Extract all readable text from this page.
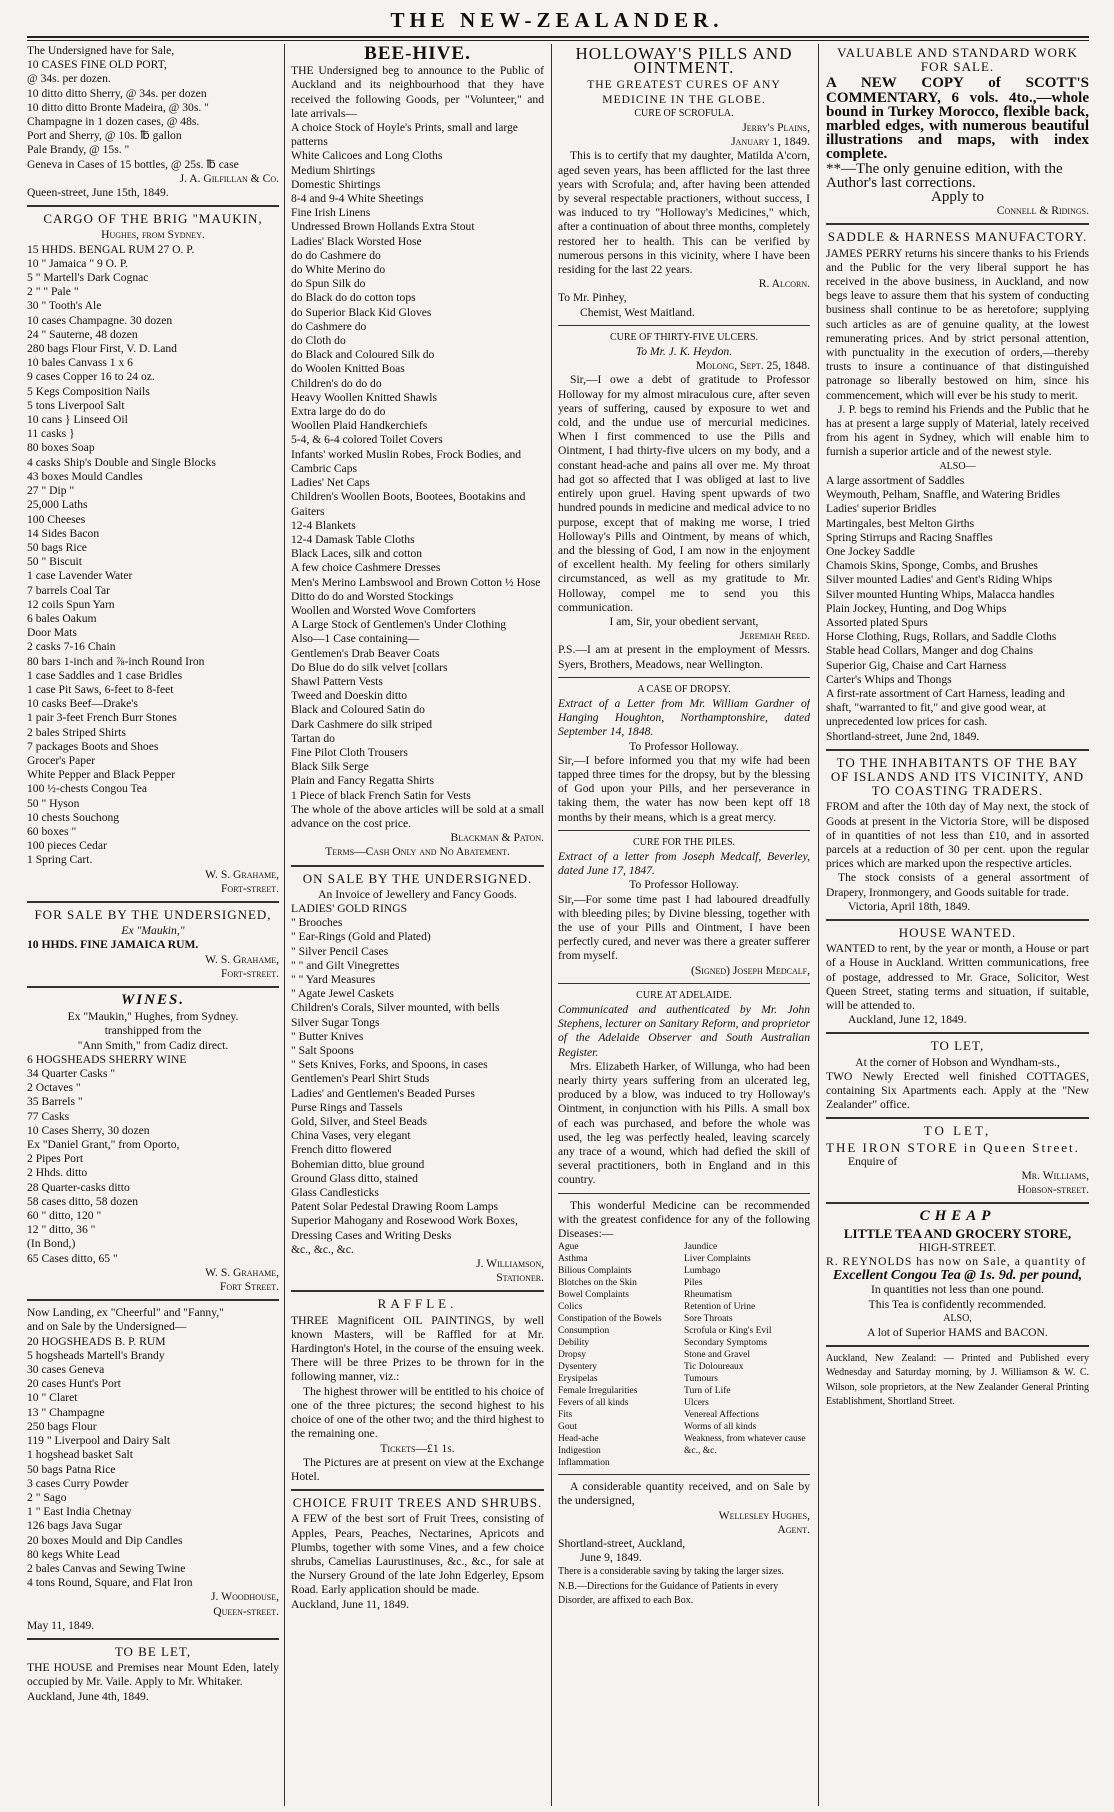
THE NEW-ZEALANDER.
The Undersigned have for Sale,
10 CASES FINE OLD PORT,
@ 34s. per dozen.
10 ditto ditto Sherry, @ 34s. per dozen
10 ditto ditto Bronte Madeira, @ 30s. "
Champagne in 1 dozen cases, @ 48s.
Port and Sherry, @ 10s. ℔ gallon
Pale Brandy, @ 15s. "
Geneva in Cases of 15 bottles, @ 25s. ℔ case
J. A. Gilfillan & Co.
Queen-street, June 15th, 1849.
CARGO OF THE BRIG "MAUKIN,
Hughes, from Sydney.
15 HHDS. BENGAL RUM 27 O. P.
10 " Jamaica " 9 O. P.
5 " Martell's Dark Cognac
2 " " Pale "
30 " Tooth's Ale
10 cases Champagne. 30 dozen
24 " Sauterne, 48 dozen
280 bags Flour First, V. D. Land
10 bales Canvass 1 x 6
9 cases Copper 16 to 24 oz.
5 Kegs Composition Nails
5 tons Liverpool Salt
10 cans } Linseed Oil
11 casks }
80 boxes Soap
4 casks Ship's Double and Single Blocks
43 boxes Mould Candles
27 " Dip "
25,000 Laths
100 Cheeses
14 Sides Bacon
50 bags Rice
50 " Biscuit
1 case Lavender Water
7 barrels Coal Tar
12 coils Spun Yarn
6 bales Oakum
Door Mats
2 casks 7-16 Chain
80 bars 1-inch and ⅞-inch Round Iron
1 case Saddles and 1 case Bridles
1 case Pit Saws, 6-feet to 8-feet
10 casks Beef—Drake's
1 pair 3-feet French Burr Stones
2 bales Striped Shirts
7 packages Boots and Shoes
Grocer's Paper
White Pepper and Black Pepper
100 ½-chests Congou Tea
50 " Hyson
10 chests Souchong
60 boxes "
100 pieces Cedar
1 Spring Cart.
W. S. Grahame,
Fort-street.
FOR SALE BY THE UNDERSIGNED,
Ex "Maukin,"
10 HHDS. FINE JAMAICA RUM.
W. S. Grahame,
Fort-street.
WINES.
Ex "Maukin," Hughes, from Sydney.
transhipped from the
"Ann Smith," from Cadiz direct.
6 HOGSHEADS SHERRY WINE
34 Quarter Casks "
2 Octaves "
35 Barrels "
77 Casks
10 Cases Sherry, 30 dozen
Ex "Daniel Grant," from Oporto,
2 Pipes Port
2 Hhds. ditto
28 Quarter-casks ditto
58 cases ditto, 58 dozen
60 " ditto, 120 "
12 " ditto, 36 "
(In Bond,)
65 Cases ditto, 65 "
W. S. Grahame,
Fort Street.
Now Landing, ex "Cheerful" and "Fanny,"
and on Sale by the Undersigned—
20 HOGSHEADS B. P. RUM
5 hogsheads Martell's Brandy
30 cases Geneva
20 cases Hunt's Port
10 " Claret
13 " Champagne
250 bags Flour
119 " Liverpool and Dairy Salt
1 hogshead basket Salt
50 bags Patna Rice
3 cases Curry Powder
2 " Sago
1 " East India Chetnay
126 bags Java Sugar
20 boxes Mould and Dip Candles
80 kegs White Lead
2 bales Canvas and Sewing Twine
4 tons Round, Square, and Flat Iron
J. Woodhouse,
Queen-street.
May 11, 1849.
TO BE LET,
THE HOUSE and Premises near Mount Eden, lately occupied by Mr. Vaile. Apply to Mr. Whitaker.
Auckland, June 4th, 1849.
BEE-HIVE.
THE Undersigned beg to announce to the Public of Auckland and its neighbourhood that they have received the following Goods, per "Volunteer," and late arrivals—
A choice Stock of Hoyle's Prints, small and large patterns
White Calicoes and Long Cloths
Medium Shirtings
Domestic Shirtings
8-4 and 9-4 White Sheetings
Fine Irish Linens
Undressed Brown Hollands Extra Stout
Ladies' Black Worsted Hose
do do Cashmere do
do White Merino do
do Spun Silk do
do Black do do cotton tops
do Superior Black Kid Gloves
do Cashmere do
do Cloth do
do Black and Coloured Silk do
do Woolen Knitted Boas
Children's do do do
Heavy Woollen Knitted Shawls
Extra large do do do
Woollen Plaid Handkerchiefs
5-4, & 6-4 colored Toilet Covers
Infants' worked Muslin Robes, Frock Bodies, and Cambric Caps
Ladies' Net Caps
Children's Woollen Boots, Bootees, Bootakins and Gaiters
12-4 Blankets
12-4 Damask Table Cloths
Black Laces, silk and cotton
A few choice Cashmere Dresses
Men's Merino Lambswool and Brown Cotton ½ Hose
Ditto do do and Worsted Stockings
Woollen and Worsted Wove Comforters
A Large Stock of Gentlemen's Under Clothing
Also—1 Case containing—
Gentlemen's Drab Beaver Coats
Do Blue do do silk velvet [collars
Shawl Pattern Vests
Tweed and Doeskin ditto
Black and Coloured Satin do
Dark Cashmere do silk striped
Tartan do
Fine Pilot Cloth Trousers
Black Silk Serge
Plain and Fancy Regatta Shirts
1 Piece of black French Satin for Vests
The whole of the above articles will be sold at a small advance on the cost price.
Blackman & Paton.
Terms—Cash Only and No Abatement.
ON SALE BY THE UNDERSIGNED.
An Invoice of Jewellery and Fancy Goods.
LADIES' GOLD RINGS
" Brooches
" Ear-Rings (Gold and Plated)
" Silver Pencil Cases
" " and Gilt Vinegrettes
" " Yard Measures
" Agate Jewel Caskets
Children's Corals, Silver mounted, with bells
Silver Sugar Tongs
" Butter Knives
" Salt Spoons
" Sets Knives, Forks, and Spoons, in cases
Gentlemen's Pearl Shirt Studs
Ladies' and Gentlemen's Beaded Purses
Purse Rings and Tassels
Gold, Silver, and Steel Beads
China Vases, very elegant
French ditto flowered
Bohemian ditto, blue ground
Ground Glass ditto, stained
Glass Candlesticks
Patent Solar Pedestal Drawing Room Lamps
Superior Mahogany and Rosewood Work Boxes, Dressing Cases and Writing Desks
&c., &c., &c.
J. Williamson,
Stationer.
RAFFLE.
THREE Magnificent OIL PAINTINGS, by well known Masters, will be Raffled for at Mr. Hardington's Hotel, in the course of the ensuing week. There will be three Prizes to be thrown for in the following manner, viz.:
The highest thrower will be entitled to his choice of one of the three pictures; the second highest to his choice of one of the other two; and the third highest to the remaining one.
Tickets—£1 1s.
The Pictures are at present on view at the Exchange Hotel.
CHOICE FRUIT TREES AND SHRUBS.
A FEW of the best sort of Fruit Trees, consisting of Apples, Pears, Peaches, Nectarines, Apricots and Plumbs, together with some Vines, and a few choice shrubs, Camelias Laurustinuses, &c., &c., for sale at the Nursery Ground of the late John Edgerley, Epsom Road. Early application should be made.
Auckland, June 11, 1849.
HOLLOWAY'S PILLS AND OINTMENT.
THE GREATEST CURES OF ANY MEDICINE IN THE GLOBE.
CURE OF SCROFULA.
Jerry's Plains,
January 1, 1849.
This is to certify that my daughter, Matilda A'corn, aged seven years, has been afflicted for the last three years with Scrofula; and, after having been attended by several respectable practioners, without success, I was induced to try "Holloway's Medicines," which, after a continuation of about three months, completely restored her to health. This can be verified by numerous persons in this vicinity, where I have been residing for the last 22 years.
R. Alcorn.
To Mr. Pinhey,
Chemist, West Maitland.
CURE OF THIRTY-FIVE ULCERS.
To Mr. J. K. Heydon.
Molong, Sept. 25, 1848.
Sir,—I owe a debt of gratitude to Professor Holloway for my almost miraculous cure, after seven years of suffering, caused by exposure to wet and cold, and the undue use of mercurial medicines. When I first commenced to use the Pills and Ointment, I had thirty-five ulcers on my body, and a constant head-ache and pains all over me. My throat had got so affected that I was obliged at last to live entirely upon gruel. Having spent upwards of two hundred pounds in medicine and medical advice to no purpose, except that of making me worse, I tried Holloway's Pills and Ointment, by means of which, and the blessing of God, I am now in the enjoyment of excellent health. My feeling for others similarly circumstanced, as well as my gratitude to Mr. Holloway, compel me to send you this communication.
I am, Sir, your obedient servant,
Jeremiah Reed.
P.S.—I am at present in the employment of Messrs. Syers, Brothers, Meadows, near Wellington.
A CASE OF DROPSY.
Extract of a Letter from Mr. William Gardner of Hanging Houghton, Northamptonshire, dated September 14, 1848.
To Professor Holloway.
Sir,—I before informed you that my wife had been tapped three times for the dropsy, but by the blessing of God upon your Pills, and her perseverance in taking them, the water has now been kept off 18 months by their means, which is a great mercy.
CURE FOR THE PILES.
Extract of a letter from Joseph Medcalf, Beverley, dated June 17, 1847.
To Professor Holloway.
Sir,—For some time past I had laboured dreadfully with bleeding piles; by Divine blessing, together with the use of your Pills and Ointment, I have been perfectly cured, and never was there a greater sufferer from myself.
(Signed) Joseph Medcalf,
CURE AT ADELAIDE.
Communicated and authenticated by Mr. John Stephens, lecturer on Sanitary Reform, and proprietor of the Adelaide Observer and South Australian Register.
Mrs. Elizabeth Harker, of Willunga, who had been nearly thirty years suffering from an ulcerated leg, produced by a blow, was induced to try Holloway's Ointment, in conjunction with his Pills. A small box of each was purchased, and before the whole was used, the leg was perfectly healed, leaving scarcely any trace of a wound, which had defied the skill of several practitioners, both in England and in this country.
This wonderful Medicine can be recommended with the greatest confidence for any of the following Diseases:—
Ague
Asthma
Bilious Complaints
Blotches on the Skin
Bowel Complaints
Colics
Constipation of the Bowels
Consumption
Debility
Dropsy
Dysentery
Erysipelas
Female Irregularities
Fevers of all kinds
Fits
Gout
Head-ache
Indigestion
Inflammation
Jaundice
Liver Complaints
Lumbago
Piles
Rheumatism
Retention of Urine
Sore Throats
Scrofula or King's Evil
Secondary Symptoms
Stone and Gravel
Tic Doloureaux
Tumours
Turn of Life
Ulcers
Venereal Affections
Worms of all kinds
Weakness, from whatever cause
&c., &c.
A considerable quantity received, and on Sale by the undersigned,
Wellesley Hughes,
Agent.
Shortland-street, Auckland,
June 9, 1849.
There is a considerable saving by taking the larger sizes.
N.B.—Directions for the Guidance of Patients in every Disorder, are affixed to each Box.
VALUABLE AND STANDARD WORK FOR SALE.
A NEW COPY of SCOTT'S COMMENTARY, 6 vols. 4to.,—whole bound in Turkey Morocco, flexible back, marbled edges, with numerous beautiful illustrations and maps, with index complete.
**—The only genuine edition, with the Author's last corrections.
Apply to
Connell & Ridings.
SADDLE & HARNESS MANUFACTORY.
JAMES PERRY returns his sincere thanks to his Friends and the Public for the very liberal support he has received in the above business, in Auckland, and now begs leave to assure them that his system of conducting business shall continue to be as heretofore; supplying such articles as are of genuine quality, at the lowest remunerating prices. And by strict personal attention, with punctuality in the execution of orders,—thereby trusts to insure a continuance of that distinguished patronage so liberally bestowed on him, since his commencement, which will ever be his study to merit.
J. P. begs to remind his Friends and the Public that he has at present a large supply of Material, lately received from his agent in Sydney, which will enable him to furnish a superior article and of the newest style.
ALSO—
A large assortment of Saddles
Weymouth, Pelham, Snaffle, and Watering Bridles
Ladies' superior Bridles
Martingales, best Melton Girths
Spring Stirrups and Racing Snaffles
One Jockey Saddle
Chamois Skins, Sponge, Combs, and Brushes
Silver mounted Ladies' and Gent's Riding Whips
Silver mounted Hunting Whips, Malacca handles
Plain Jockey, Hunting, and Dog Whips
Assorted plated Spurs
Horse Clothing, Rugs, Rollars, and Saddle Cloths
Stable head Collars, Manger and dog Chains
Superior Gig, Chaise and Cart Harness
Carter's Whips and Thongs
A first-rate assortment of Cart Harness, leading and shaft, "warranted to fit," and give good wear, at unprecedented low prices for cash.
Shortland-street, June 2nd, 1849.
TO THE INHABITANTS OF THE BAY OF ISLANDS AND ITS VICINITY, AND TO COASTING TRADERS.
FROM and after the 10th day of May next, the stock of Goods at present in the Victoria Store, will be disposed of in quantities of not less than £10, and in assorted parcels at a reduction of 30 per cent. upon the regular prices which are marked upon the respective articles.
The stock consists of a general assortment of Drapery, Ironmongery, and Goods suitable for trade.
Victoria, April 18th, 1849.
HOUSE WANTED.
WANTED to rent, by the year or month, a House or part of a House in Auckland. Written communications, free of postage, addressed to Mr. Grace, Solicitor, West Queen Street, stating terms and situation, if suitable, will be attended to.
Auckland, June 12, 1849.
TO LET,
At the corner of Hobson and Wyndham-sts.,
TWO Newly Erected well finished COTTAGES, containing Six Apartments each. Apply at the "New Zealander" office.
TO LET,
THE IRON STORE in Queen Street.
Enquire of
Mr. Williams,
Hobson-street.
CHEAP
LITTLE TEA AND GROCERY STORE,
HIGH-STREET.
R. REYNOLDS has now on Sale, a quantity of
Excellent Congou Tea @ 1s. 9d. per pound,
In quantities not less than one pound.
This Tea is confidently recommended.
ALSO,
A lot of Superior HAMS and BACON.
Auckland, New Zealand: — Printed and Published every Wednesday and Saturday morning, by J. Williamson & W. C. Wilson, sole proprietors, at the New Zealander General Printing Establishment, Shortland Street.
